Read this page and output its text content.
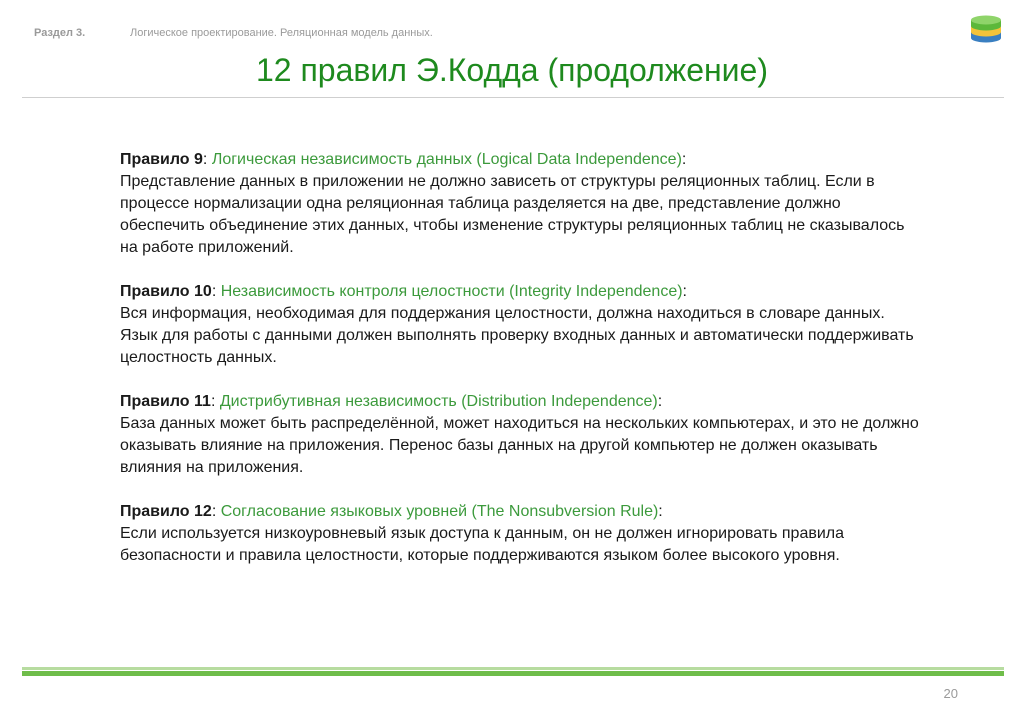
Раздел 3.	Логическое проектирование. Реляционная модель данных.
12 правил Э.Кодда (продолжение)
Правило 9: Логическая независимость данных (Logical Data Independence):

Представление данных в приложении не должно зависеть от структуры реляционных таблиц. Если в процессе нормализации одна реляционная таблица разделяется на две, представление должно обеспечить объединение этих данных, чтобы изменение структуры реляционных таблиц не сказывалось на работе приложений.

Правило 10: Независимость контроля целостности (Integrity Independence):

Вся информация, необходимая для поддержания целостности, должна находиться в словаре данных. Язык для работы с данными должен выполнять проверку входных данных и автоматически поддерживать целостность данных.

Правило 11: Дистрибутивная независимость (Distribution Independence):

База данных может быть распределённой, может находиться на нескольких компьютерах, и это не должно оказывать влияние на приложения. Перенос базы данных на другой компьютер не должен оказывать влияния на приложения.

Правило 12: Согласование языковых уровней (The Nonsubversion Rule):

Если используется низкоуровневый язык доступа к данным, он не должен игнорировать правила безопасности и правила целостности, которые поддерживаются языком более высокого уровня.

20
